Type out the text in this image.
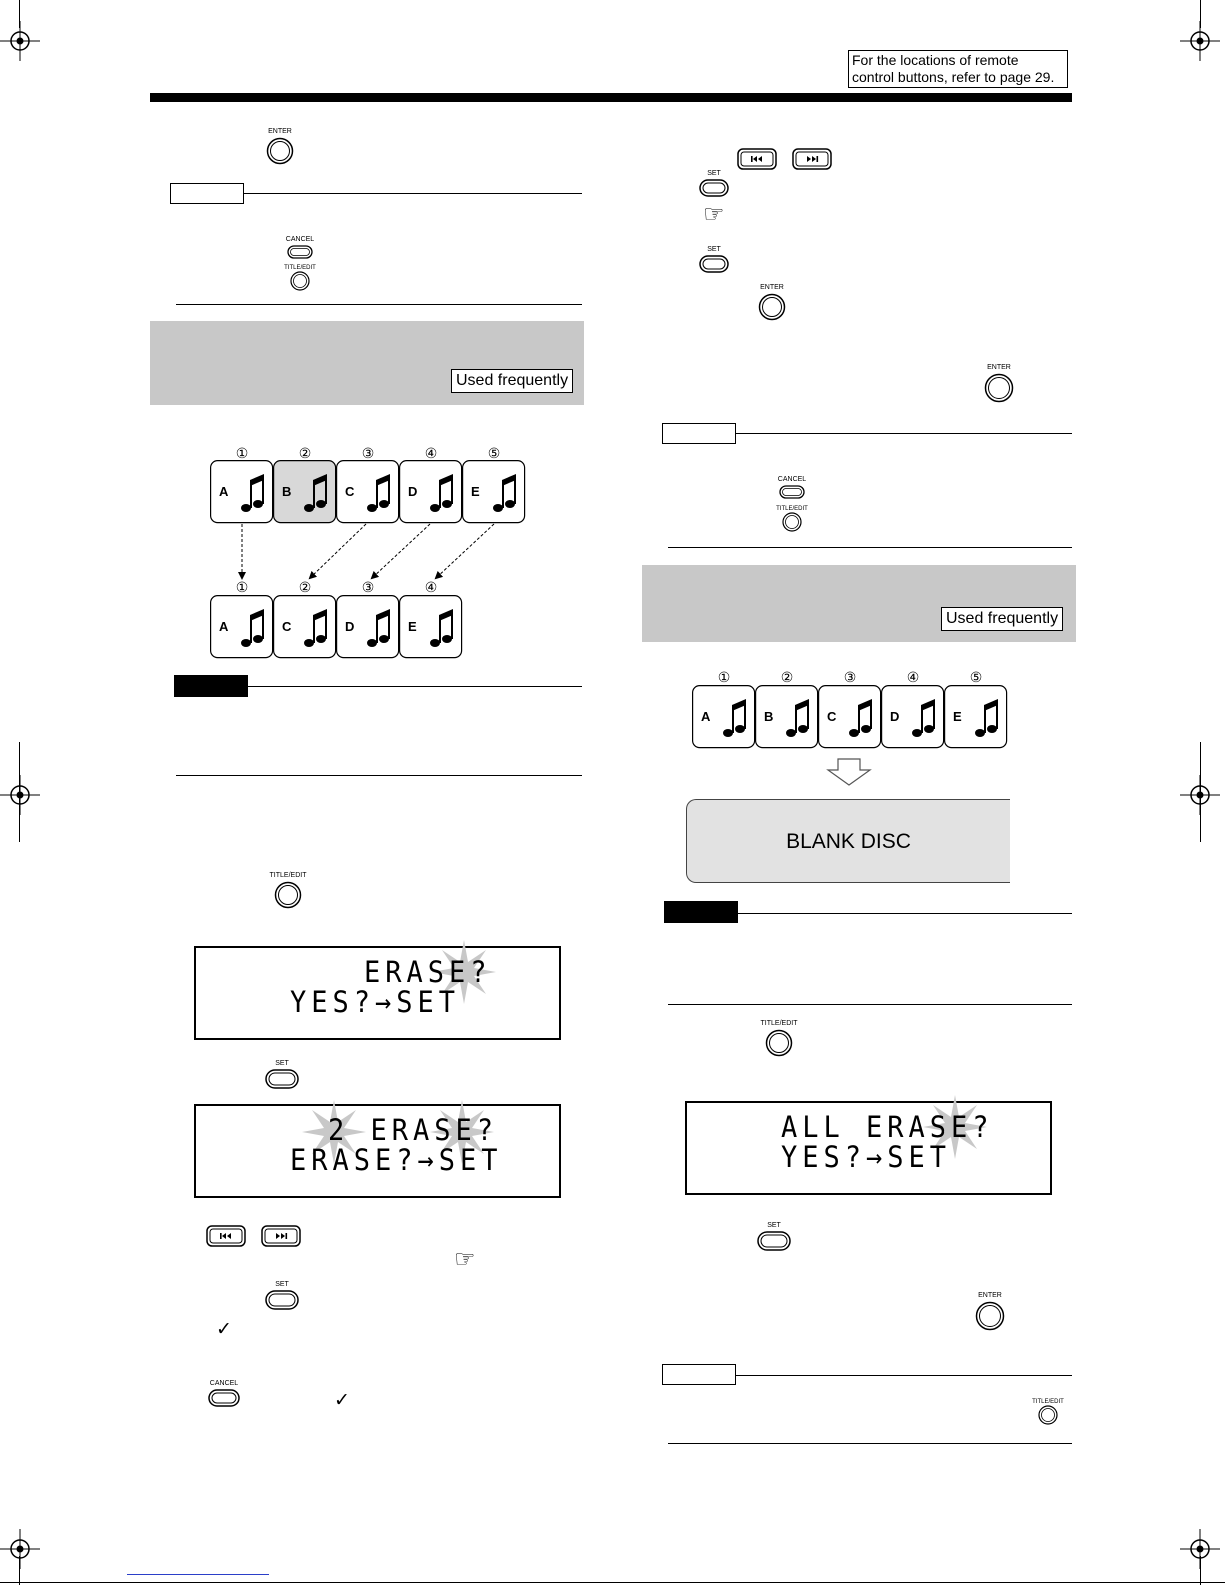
For the locations of remote control buttons, refer to page 29.
ENTER
CANCEL
TITLE/EDIT
Used frequently
①	②	③	④	⑤
A	B	C	D	E
①	②	③	④
A	C	D	E
TITLE/EDIT
ERASE?
YES?→SET
SET
2 ERASE?
ERASE?→SET
☞
SET
✓
CANCEL
✓
SET
☞
SET
ENTER
ENTER
CANCEL
TITLE/EDIT
Used frequently
①	②	③	④	⑤
A	B	C	D	E
BLANK DISC
TITLE/EDIT
ALL ERASE?
YES?→SET
SET
ENTER
TITLE/EDIT
